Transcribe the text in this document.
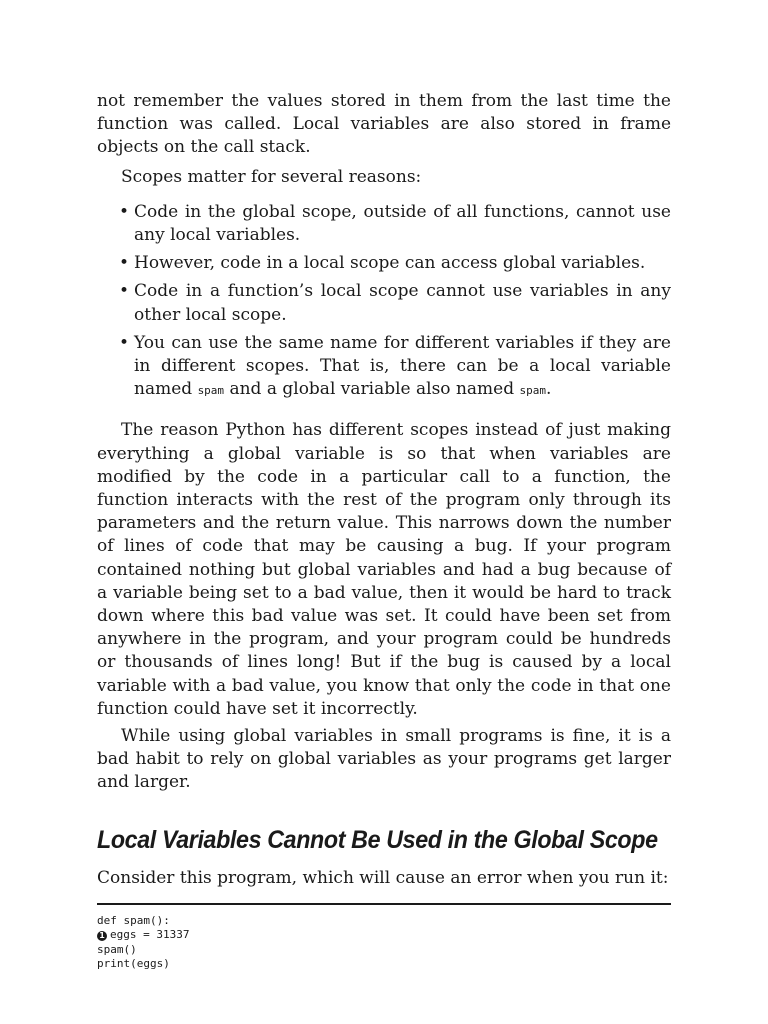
not remember the values stored in them from the last time the function was called. Local variables are also stored in frame objects on the call stack.

Scopes matter for several reasons:

• Code in the global scope, outside of all functions, cannot use any local variables.
• However, code in a local scope can access global variables.
• Code in a function’s local scope cannot use variables in any other local scope.
• You can use the same name for different variables if they are in different scopes. That is, there can be a local variable named spam and a global variable also named spam.

The reason Python has different scopes instead of just making everything a global variable is so that when variables are modified by the code in a particular call to a function, the function interacts with the rest of the program only through its parameters and the return value. This narrows down the number of lines of code that may be causing a bug. If your program contained nothing but global variables and had a bug because of a variable being set to a bad value, then it would be hard to track down where this bad value was set. It could have been set from anywhere in the program, and your program could be hundreds or thousands of lines long! But if the bug is caused by a local variable with a bad value, you know that only the code in that one function could have set it incorrectly.

While using global variables in small programs is fine, it is a bad habit to rely on global variables as your programs get larger and larger.

Local Variables Cannot Be Used in the Global Scope

Consider this program, which will cause an error when you run it:

def spam():
1 eggs = 31337
spam()
print(eggs)
